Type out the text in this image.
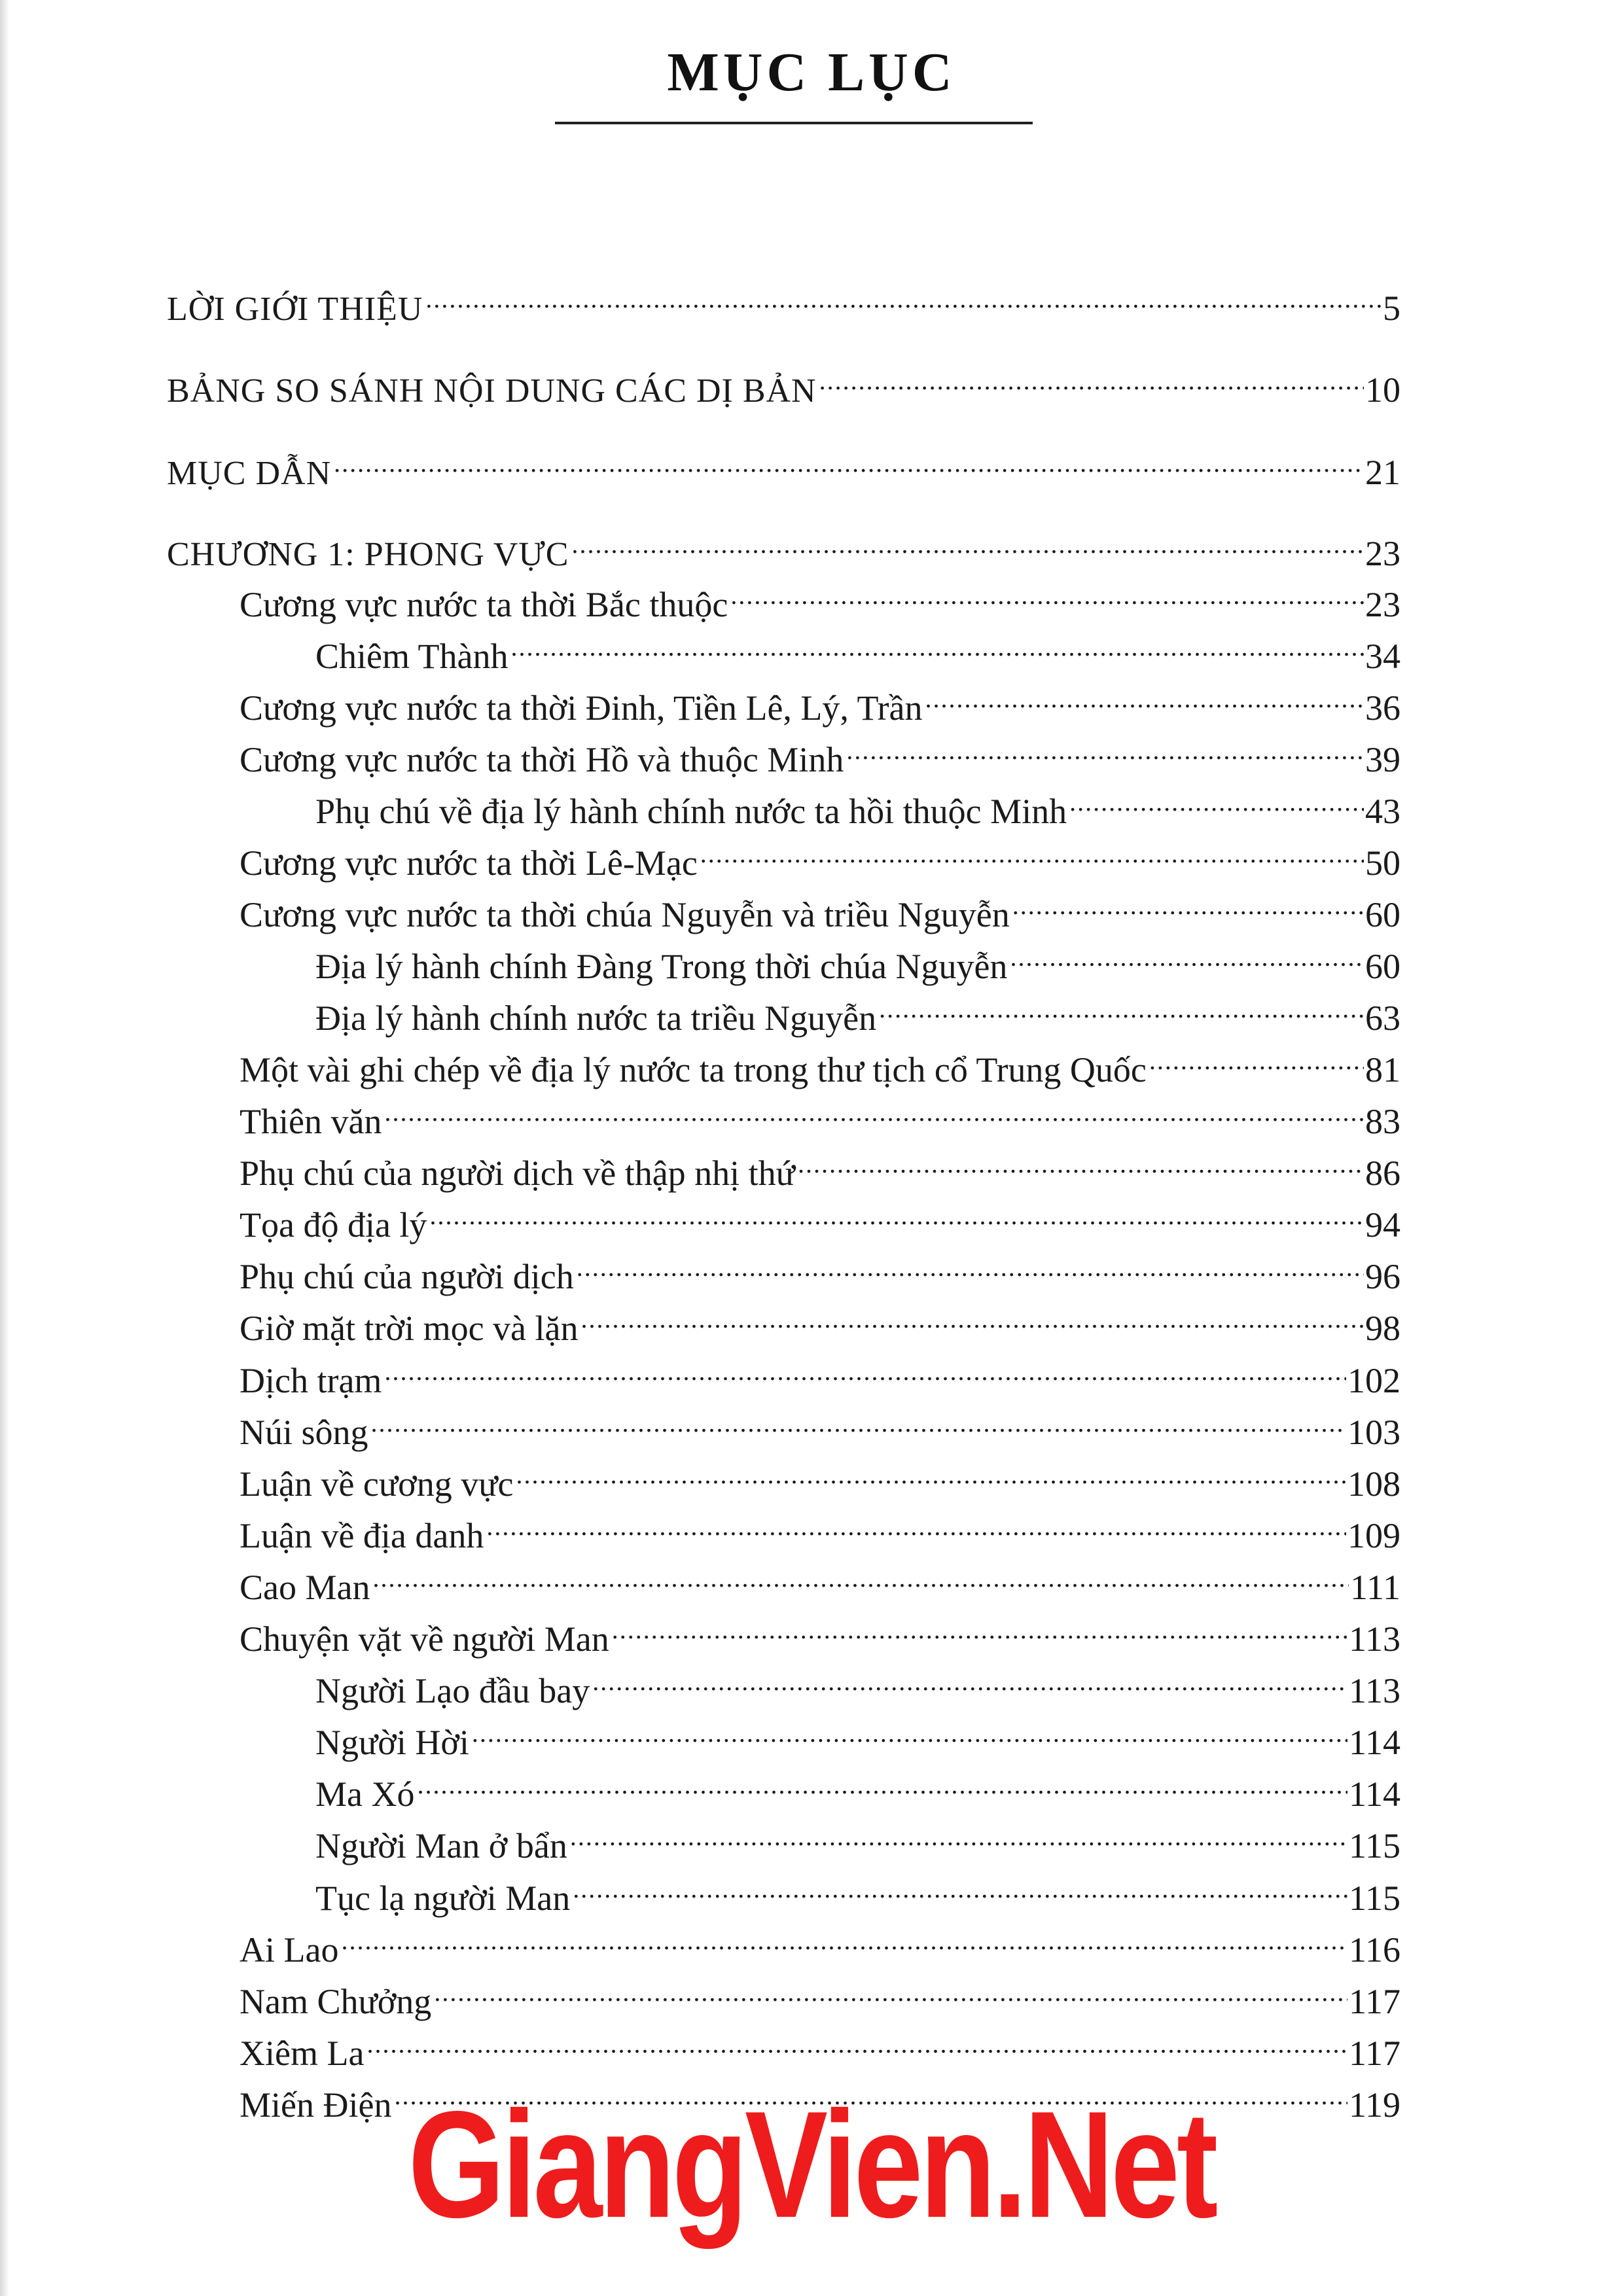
MỤC LỤC
LỜI GIỚI THIỆU .....	5
BẢNG SO SÁNH NỘI DUNG CÁC DỊ BẢN .....	10
MỤC DẪN .....	21
CHƯƠNG 1: PHONG VỰC .....	23
Cương vực nước ta thời Bắc thuộc .....	23
Chiêm Thành .....	34
Cương vực nước ta thời Đinh, Tiền Lê, Lý, Trần .....	36
Cương vực nước ta thời Hồ và thuộc Minh .....	39
Phụ chú về địa lý hành chính nước ta hồi thuộc Minh .....	43
Cương vực nước ta thời Lê-Mạc .....	50
Cương vực nước ta thời chúa Nguyễn và triều Nguyễn .....	60
Địa lý hành chính Đàng Trong thời chúa Nguyễn .....	60
Địa lý hành chính nước ta triều Nguyễn .....	63
Một vài ghi chép về địa lý nước ta trong thư tịch cổ Trung Quốc .....	81
Thiên văn .....	83
Phụ chú của người dịch về thập nhị thứ .....	86
Tọa độ địa lý .....	94
Phụ chú của người dịch .....	96
Giờ mặt trời mọc và lặn .....	98
Dịch trạm .....	102
Núi sông .....	103
Luận về cương vực .....	108
Luận về địa danh .....	109
Cao Man .....	111
Chuyện vặt về người Man .....	113
Người Lạo đầu bay .....	113
Người Hời .....	114
Ma Xó .....	114
Người Man ở bẩn .....	115
Tục lạ người Man .....	115
Ai Lao .....	116
Nam Chưởng .....	117
Xiêm La .....	117
Miến Điện .....	119
GiangVien.Net
